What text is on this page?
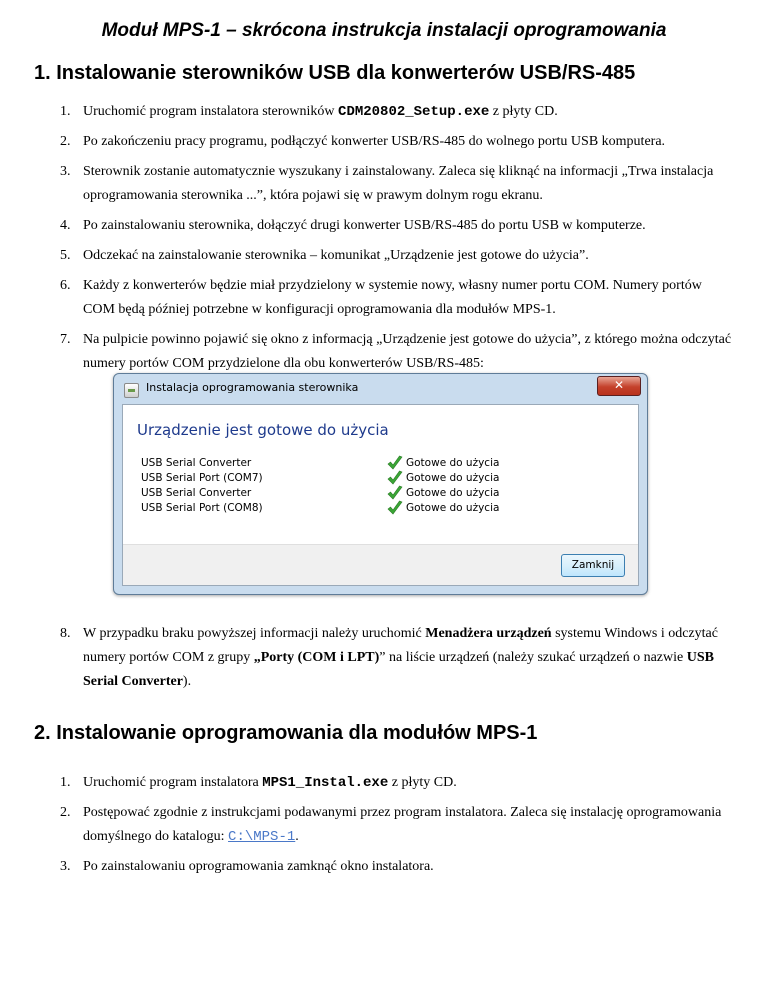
Moduł MPS-1 – skrócona instrukcja instalacji oprogramowania
1. Instalowanie sterowników USB dla konwerterów USB/RS-485
1. Uruchomić program instalatora sterowników CDM20802_Setup.exe z płyty CD.
2. Po zakończeniu pracy programu, podłączyć konwerter USB/RS-485 do wolnego portu USB komputera.
3. Sterownik zostanie automatycznie wyszukany i zainstalowany. Zaleca się kliknąć na informacji „Trwa instalacja oprogramowania sterownika ...”, która pojawi się w prawym dolnym rogu ekranu.
4. Po zainstalowaniu sterownika, dołączyć drugi konwerter USB/RS-485 do portu USB w komputerze.
5. Odczekać na zainstalowanie sterownika – komunikat „Urządzenie jest gotowe do użycia”.
6. Każdy z konwerterów będzie miał przydzielony w systemie nowy, własny numer portu COM. Numery portów COM będą później potrzebne w konfiguracji oprogramowania dla modułów MPS-1.
7. Na pulpicie powinno pojawić się okno z informacją „Urządzenie jest gotowe do użycia”, z którego można odczytać numery portów COM przydzielone dla obu konwerterów USB/RS-485:
Instalacja oprogramowania sterownika	✕
Urządzenie jest gotowe do użycia
USB Serial Converter	Gotowe do użycia
USB Serial Port (COM7)	Gotowe do użycia
USB Serial Converter	Gotowe do użycia
USB Serial Port (COM8)	Gotowe do użycia
Zamknij
8. W przypadku braku powyższej informacji należy uruchomić Menadżera urządzeń systemu Windows i odczytać numery portów COM z grupy „Porty (COM i LPT)” na liście urządzeń (należy szukać urządzeń o nazwie USB Serial Converter).
2. Instalowanie oprogramowania dla modułów MPS-1
1. Uruchomić program instalatora MPS1_Instal.exe z płyty CD.
2. Postępować zgodnie z instrukcjami podawanymi przez program instalatora. Zaleca się instalację oprogramowania domyślnego do katalogu: C:\MPS-1.
3. Po zainstalowaniu oprogramowania zamknąć okno instalatora.
